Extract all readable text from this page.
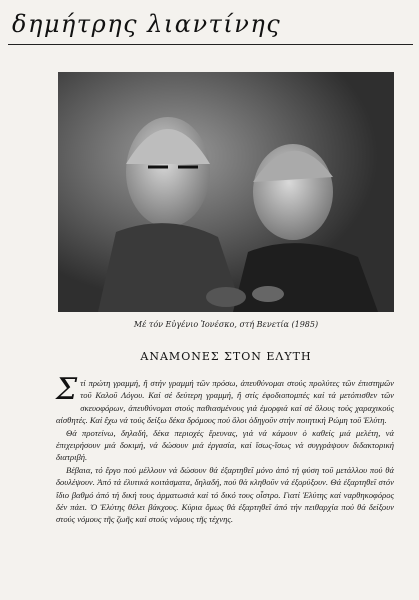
δημήτρης λιαντίνης
Μέ τόν Εὐγένιο Ἰονέσκο, στή Βενετία (1985)
ΑΝΑΜΟΝΕΣ ΣΤΟΝ ΕΛΥΤΗ

Στί πρώτη γραμμή, ἤ στήν γραμμή τῶν πρόσω, ἀπευθύνομαι στούς προλύτες τῶν ἐπιστημῶν τοῦ Καλοῦ Λόγου. Καί σέ δεύτερη γραμμή, ἤ στίς ἐφοδιοπομπές καί τά μετόπισθεν τῶν σκευοφόρων, ἀπευθύνομαι στούς παθιασμένους γιά ἐμορφιά καί σέ ὅλους τούς χαραχικούς αἰσθητές. Καί ἔχω νά τούς δείξω δέκα δρόμους πού ὅλοι ὁδηγοῦν στήν ποιητική Ρώμη τοῦ Ἐλύτη.

Θά προτείνω, δηλαδή, δέκα περιοχές ἔρευνας, γιά νά κάμουν ὁ καθείς μιά μελέτη, νά ἐπιχειρήσουν μιά δοκιμή, νά δώσουν μιά ἐργασία, καί ἴσως-ἴσως νά συγγράψουν διδακτορική διατριβή.

Βέβαια, τό ἔργο πού μέλλουν νά δώσουν θά ἐξαρτηθεῖ μόνο ἀπό τή φύση τοῦ μετάλλου πού θά δουλέψουν. Ἀπό τά ἐλυτικά κοιτάσματα, δηλαδή, πού θά κληθοῦν νά ἐξορύξουν. Θά ἐξαρτηθεῖ στόν ἴδιο βαθμό ἀπό τή δική τους ἀρματωσιά καί τό δικό τους οἶστρο. Γιατί Ἐλύτης καί ναρθηκοφόρος δέν πάει. Ὁ Ἐλύτης θέλει βάκχους. Κύρια ὅμως θά ἐξαρτηθεῖ ἀπό τήν πειθαρχία πού θά δείξουν στούς νόμους τῆς ζωῆς καί στούς νόμους τῆς τέχνης.
